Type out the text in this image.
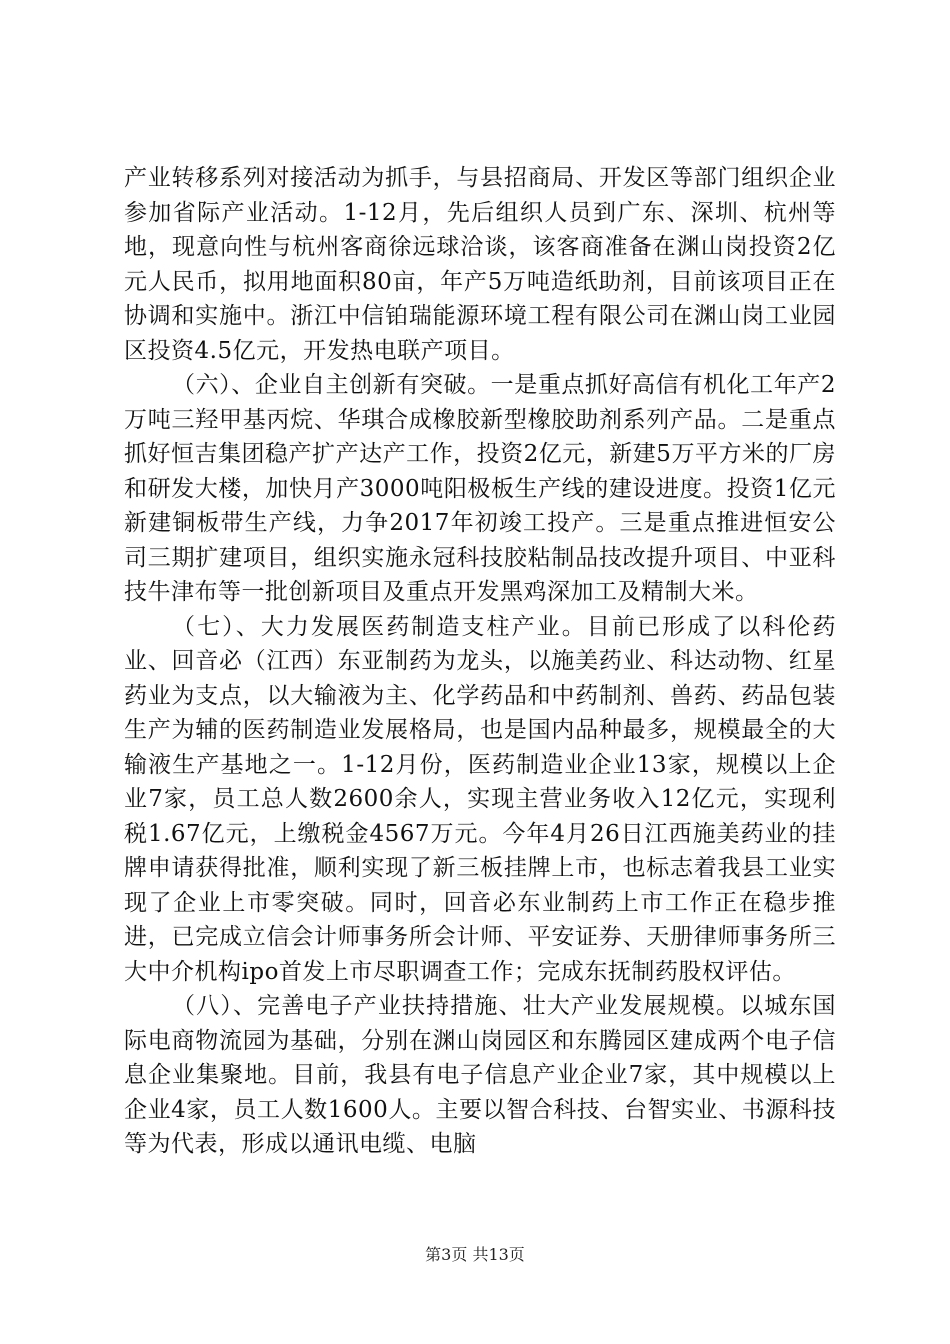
产业转移系列对接活动为抓手，与县招商局、开发区等部门组织企业参加省际产业活动。1-12月，先后组织人员到广东、深圳、杭州等地，现意向性与杭州客商徐远球洽谈，该客商准备在渊山岗投资2亿元人民币，拟用地面积80亩，年产5万吨造纸助剂，目前该项目正在协调和实施中。浙江中信铂瑞能源环境工程有限公司在渊山岗工业园区投资4.5亿元，开发热电联产项目。

（六）、企业自主创新有突破。一是重点抓好高信有机化工年产2万吨三羟甲基丙烷、华琪合成橡胶新型橡胶助剂系列产品。二是重点抓好恒吉集团稳产扩产达产工作，投资2亿元，新建5万平方米的厂房和研发大楼，加快月产3000吨阳极板生产线的建设进度。投资1亿元新建铜板带生产线，力争2017年初竣工投产。三是重点推进恒安公司三期扩建项目，组织实施永冠科技胶粘制品技改提升项目、中亚科技牛津布等一批创新项目及重点开发黑鸡深加工及精制大米。

（七）、大力发展医药制造支柱产业。目前已形成了以科伦药业、回音必（江西）东亚制药为龙头，以施美药业、科达动物、红星药业为支点，以大输液为主、化学药品和中药制剂、兽药、药品包装生产为辅的医药制造业发展格局，也是国内品种最多，规模最全的大输液生产基地之一。1-12月份，医药制造业企业13家，规模以上企业7家，员工总人数2600余人，实现主营业务收入12亿元，实现利税1.67亿元，上缴税金4567万元。今年4月26日江西施美药业的挂牌申请获得批准，顺利实现了新三板挂牌上市，也标志着我县工业实现了企业上市零突破。同时，回音必东业制药上市工作正在稳步推进，已完成立信会计师事务所会计师、平安证券、天册律师事务所三大中介机构ipo首发上市尽职调查工作；完成东抚制药股权评估。

（八）、完善电子产业扶持措施、壮大产业发展规模。以城东国际电商物流园为基础，分别在渊山岗园区和东腾园区建成两个电子信息企业集聚地。目前，我县有电子信息产业企业7家，其中规模以上企业4家，员工人数1600人。主要以智合科技、台智实业、书源科技等为代表，形成以通讯电缆、电脑

第3页 共13页
